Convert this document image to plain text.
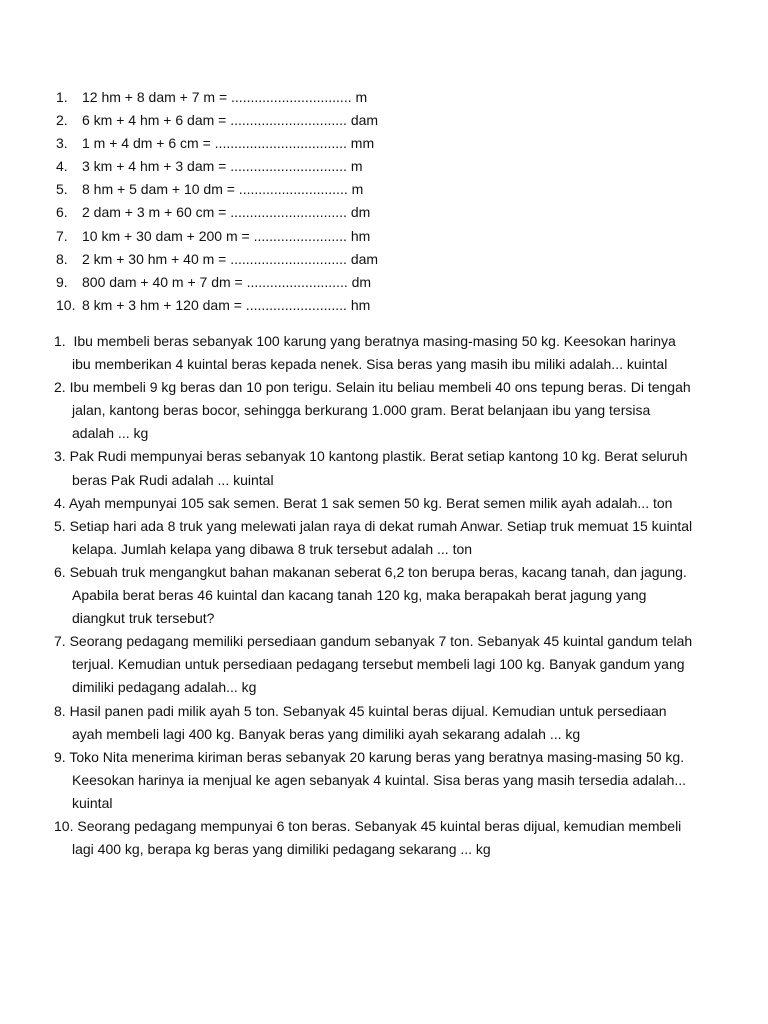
1.	12 hm + 8 dam + 7 m = ............................... m
2.	6 km + 4 hm + 6 dam = .............................. dam
3.	1 m + 4 dm + 6 cm = .................................. mm
4.	3 km + 4 hm + 3 dam = .............................. m
5.	8 hm + 5 dam + 10 dm = ............................ m
6.	2 dam + 3 m + 60 cm = .............................. dm
7.	10 km + 30 dam + 200 m = ........................ hm
8.	2 km + 30 hm + 40 m = .............................. dam
9.	800 dam + 40 m + 7 dm = .......................... dm
10. 8 km + 3 hm + 120 dam = .......................... hm
1. Ibu membeli beras sebanyak 100 karung yang beratnya masing-masing 50 kg. Keesokan harinya ibu memberikan 4 kuintal beras kepada nenek. Sisa beras yang masih ibu miliki adalah... kuintal
2. Ibu membeli 9 kg beras dan 10 pon terigu. Selain itu beliau membeli 40 ons tepung beras. Di tengah jalan, kantong beras bocor, sehingga berkurang 1.000 gram. Berat belanjaan ibu yang tersisa adalah ... kg
3. Pak Rudi mempunyai beras sebanyak 10 kantong plastik. Berat setiap kantong 10 kg. Berat seluruh beras Pak Rudi adalah ... kuintal
4. Ayah mempunyai 105 sak semen. Berat 1 sak semen 50 kg. Berat semen milik ayah adalah... ton
5. Setiap hari ada 8 truk yang melewati jalan raya di dekat rumah Anwar. Setiap truk memuat 15 kuintal kelapa. Jumlah kelapa yang dibawa 8 truk tersebut adalah ... ton
6. Sebuah truk mengangkut bahan makanan seberat 6,2 ton berupa beras, kacang tanah, dan jagung. Apabila berat beras 46 kuintal dan kacang tanah 120 kg, maka berapakah berat jagung yang diangkut truk tersebut?
7. Seorang pedagang memiliki persediaan gandum sebanyak 7 ton. Sebanyak 45 kuintal gandum telah terjual. Kemudian untuk persediaan pedagang tersebut membeli lagi 100 kg. Banyak gandum yang dimiliki pedagang adalah... kg
8. Hasil panen padi milik ayah 5 ton. Sebanyak 45 kuintal beras dijual. Kemudian untuk persediaan ayah membeli lagi 400 kg. Banyak beras yang dimiliki ayah sekarang adalah ... kg
9. Toko Nita menerima kiriman beras sebanyak 20 karung beras yang beratnya masing-masing 50 kg. Keesokan harinya ia menjual ke agen sebanyak 4 kuintal. Sisa beras yang masih tersedia adalah... kuintal
10. Seorang pedagang mempunyai 6 ton beras. Sebanyak 45 kuintal beras dijual, kemudian membeli lagi 400 kg, berapa kg beras yang dimiliki pedagang sekarang ... kg
